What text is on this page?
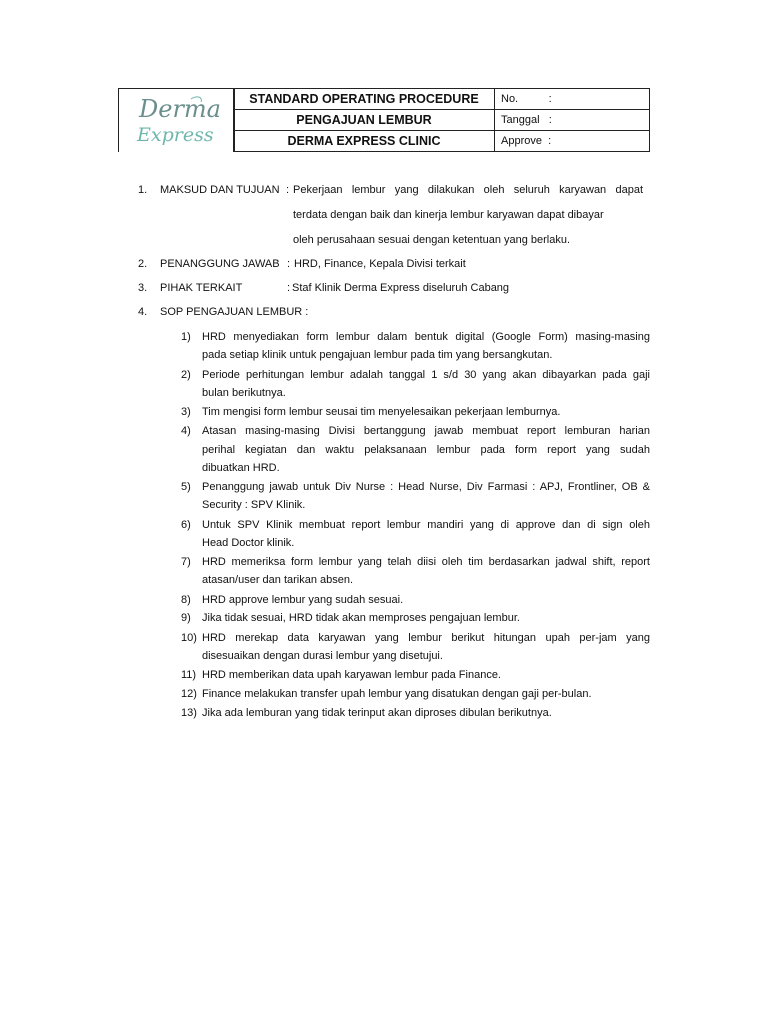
Derma
Express
STANDARD OPERATING PROCEDURE	No.          :
PENGAJUAN LEMBUR	Tanggal   :
DERMA EXPRESS CLINIC	Approve  :
1. MAKSUD DAN TUJUAN : Pekerjaan lembur yang dilakukan oleh seluruh karyawan dapat
terdata dengan baik dan kinerja lembur karyawan dapat dibayar
oleh perusahaan sesuai dengan ketentuan yang berlaku.
2. PENANGGUNG JAWAB : HRD, Finance, Kepala Divisi terkait
3. PIHAK TERKAIT	: Staf Klinik Derma Express diseluruh Cabang
4. SOP PENGAJUAN LEMBUR :
1) HRD menyediakan form lembur dalam bentuk digital (Google Form) masing-masing
pada setiap klinik untuk pengajuan lembur pada tim yang bersangkutan.
2) Periode perhitungan lembur adalah tanggal 1 s/d 30 yang akan dibayarkan pada gaji
bulan berikutnya.
3) Tim mengisi form lembur seusai tim menyelesaikan pekerjaan lemburnya.
4) Atasan masing-masing Divisi bertanggung jawab membuat report lemburan harian
perihal kegiatan dan waktu pelaksanaan lembur pada form report yang sudah
dibuatkan HRD.
5) Penanggung jawab untuk Div Nurse : Head Nurse, Div Farmasi : APJ, Frontliner, OB &
Security : SPV Klinik.
6) Untuk SPV Klinik membuat report lembur mandiri yang di approve dan di sign oleh
Head Doctor klinik.
7) HRD memeriksa form lembur yang telah diisi oleh tim berdasarkan jadwal shift, report
atasan/user dan tarikan absen.
8) HRD approve lembur yang sudah sesuai.
9) Jika tidak sesuai, HRD tidak akan memproses pengajuan lembur.
10) HRD merekap data karyawan yang lembur berikut hitungan upah per-jam yang
disesuaikan dengan durasi lembur yang disetujui.
11) HRD memberikan data upah karyawan lembur pada Finance.
12) Finance melakukan transfer upah lembur yang disatukan dengan gaji per-bulan.
13) Jika ada lemburan yang tidak terinput akan diproses dibulan berikutnya.
